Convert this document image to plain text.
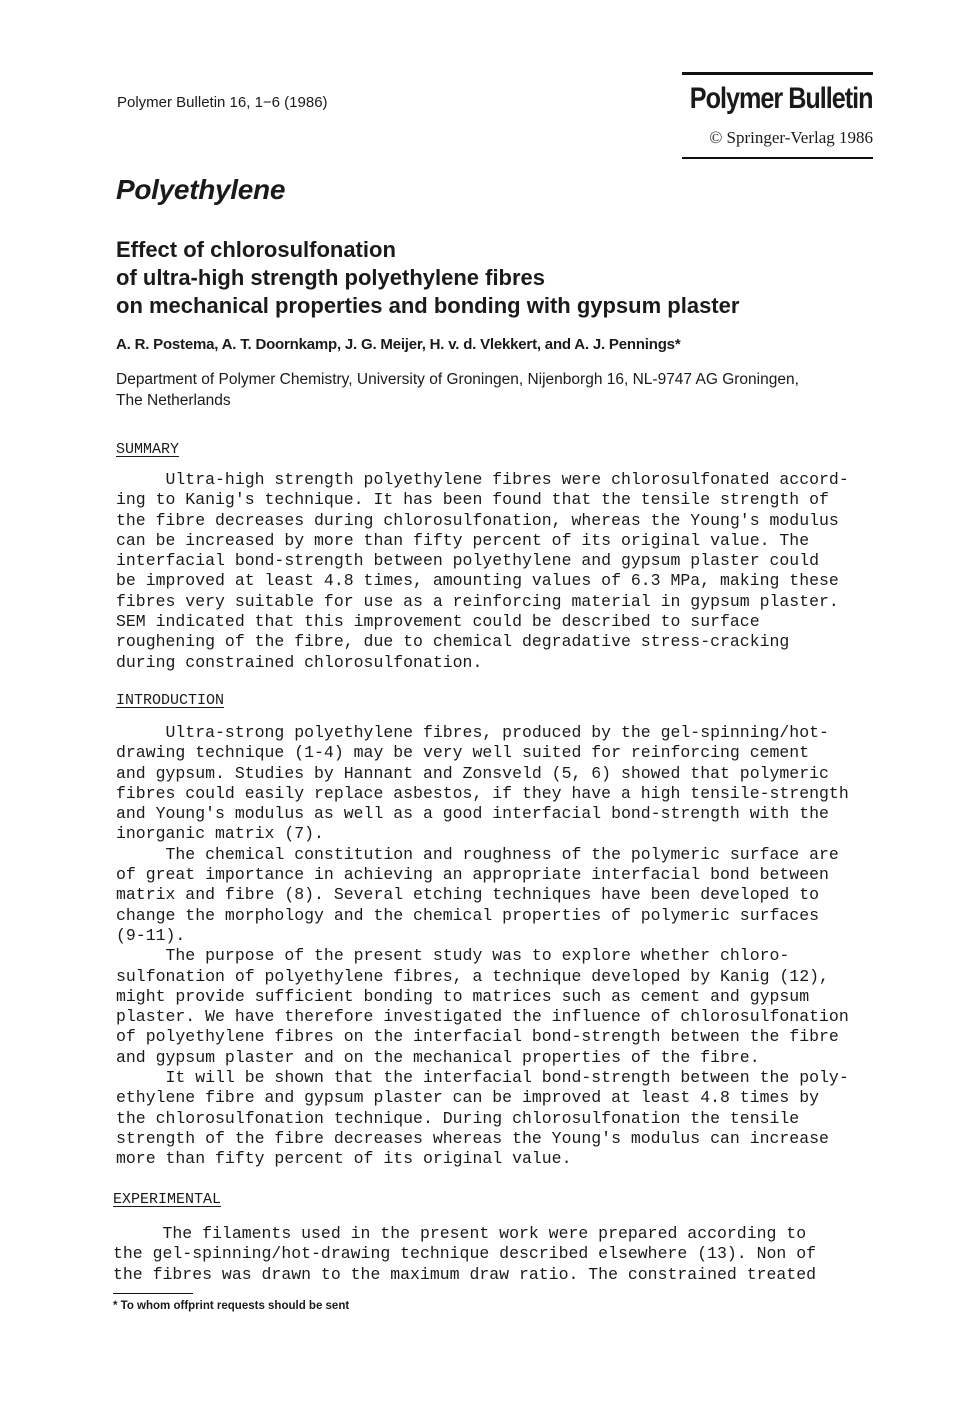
Polymer Bulletin 16, 1−6 (1986)	Polymer Bulletin
© Springer-Verlag 1986
Polyethylene
Effect of chlorosulfonation
of ultra-high strength polyethylene fibres
on mechanical properties and bonding with gypsum plaster
A. R. Postema, A. T. Doornkamp, J. G. Meijer, H. v. d. Vlekkert, and A. J. Pennings*
Department of Polymer Chemistry, University of Groningen, Nijenborgh 16, NL-9747 AG Groningen,
The Netherlands
SUMMARY
Ultra-high strength polyethylene fibres were chlorosulfonated accord-
ing to Kanig's technique. It has been found that the tensile strength of
the fibre decreases during chlorosulfonation, whereas the Young's modulus
can be increased by more than fifty percent of its original value. The
interfacial bond-strength between polyethylene and gypsum plaster could
be improved at least 4.8 times, amounting values of 6.3 MPa, making these
fibres very suitable for use as a reinforcing material in gypsum plaster.
SEM indicated that this improvement could be described to surface
roughening of the fibre, due to chemical degradative stress-cracking
during constrained chlorosulfonation.
INTRODUCTION
Ultra-strong polyethylene fibres, produced by the gel-spinning/hot-
drawing technique (1-4) may be very well suited for reinforcing cement
and gypsum. Studies by Hannant and Zonsveld (5, 6) showed that polymeric
fibres could easily replace asbestos, if they have a high tensile-strength
and Young's modulus as well as a good interfacial bond-strength with the
inorganic matrix (7).
The chemical constitution and roughness of the polymeric surface are
of great importance in achieving an appropriate interfacial bond between
matrix and fibre (8). Several etching techniques have been developed to
change the morphology and the chemical properties of polymeric surfaces
(9-11).
The purpose of the present study was to explore whether chloro-
sulfonation of polyethylene fibres, a technique developed by Kanig (12),
might provide sufficient bonding to matrices such as cement and gypsum
plaster. We have therefore investigated the influence of chlorosulfonation
of polyethylene fibres on the interfacial bond-strength between the fibre
and gypsum plaster and on the mechanical properties of the fibre.
It will be shown that the interfacial bond-strength between the poly-
ethylene fibre and gypsum plaster can be improved at least 4.8 times by
the chlorosulfonation technique. During chlorosulfonation the tensile
strength of the fibre decreases whereas the Young's modulus can increase
more than fifty percent of its original value.
EXPERIMENTAL
The filaments used in the present work were prepared according to
the gel-spinning/hot-drawing technique described elsewhere (13). Non of
the fibres was drawn to the maximum draw ratio. The constrained treated
* To whom offprint requests should be sent
